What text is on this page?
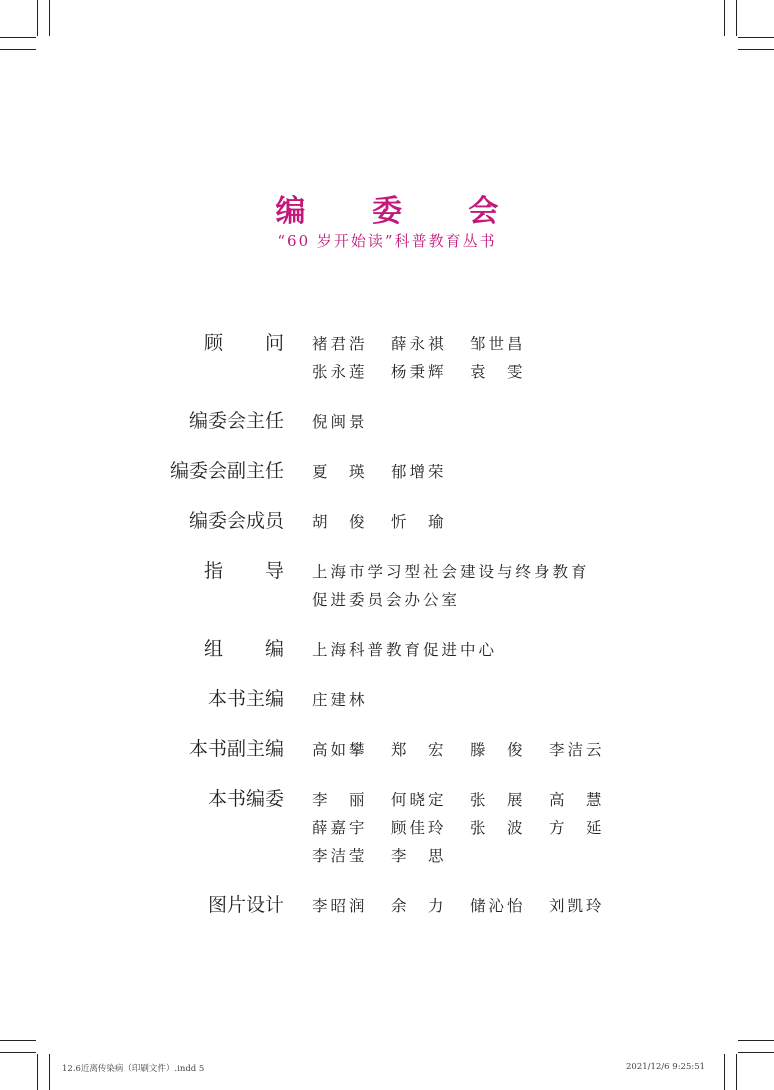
编 委 会
“60 岁开始读”科普教育丛书
顾　问 褚君浩 薛永祺 邹世昌
张永莲 杨秉辉 袁　雯
编委会主任 倪闽景
编委会副主任 夏　瑛 郁增荣
编委会成员 胡　俊 忻　瑜
指　导 上海市学习型社会建设与终身教育
促进委员会办公室
组　编 上海科普教育促进中心
本书主编 庄建林
本书副主编 高如攀 郑　宏 滕　俊 李洁云
本书编委 李　丽 何晓定 张　展 高　慧
薛嘉宇 顾佳玲 张　波 方　延
李洁莹 李　思
图片设计 李昭润 余　力 储沁怡 刘凯玲
12.6近离传染病（印刷文件）.indd 5	2021/12/6 9:25:51
